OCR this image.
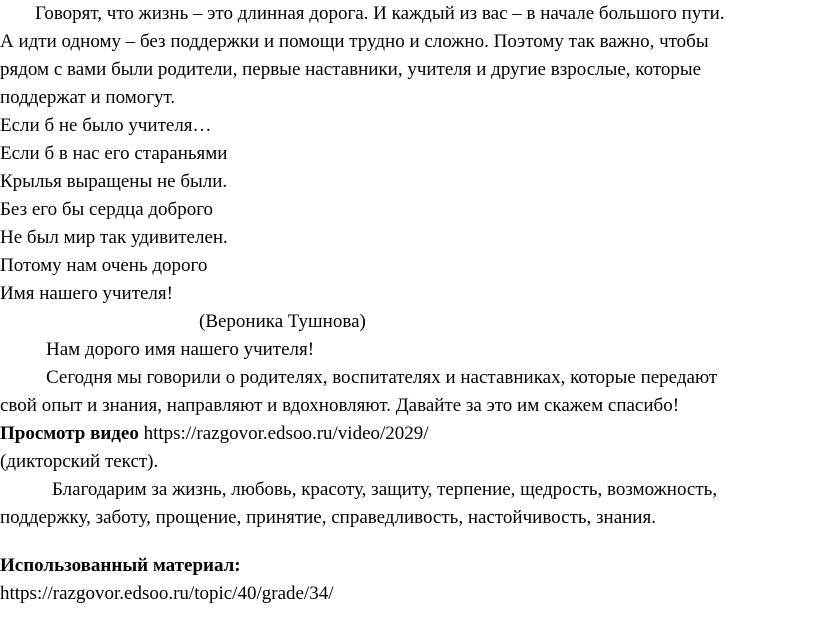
Говорят, что жизнь – это длинная дорога. И каждый из вас – в начале большого пути.
А идти одному – без поддержки и помощи трудно и сложно. Поэтому так важно, чтобы
рядом с вами были родители, первые наставники, учителя и другие взрослые, которые
поддержат и помогут.
Если б не было учителя…
Если б в нас его стараньями
Крылья выращены не были.
Без его бы сердца доброго
Не был мир так удивителен.
Потому нам очень дорого
Имя нашего учителя!
(Вероника Тушнова)
Нам дорого имя нашего учителя!
Сегодня мы говорили о родителях, воспитателях и наставниках, которые передают
свой опыт и знания, направляют и вдохновляют. Давайте за это им скажем спасибо!
Просмотр видео https://razgovor.edsoo.ru/video/2029/
(дикторский текст).
Благодарим за жизнь, любовь, красоту, защиту, терпение, щедрость, возможность,
поддержку, заботу, прощение, принятие, справедливость, настойчивость, знания.
Использованный материал:
https://razgovor.edsoo.ru/topic/40/grade/34/
